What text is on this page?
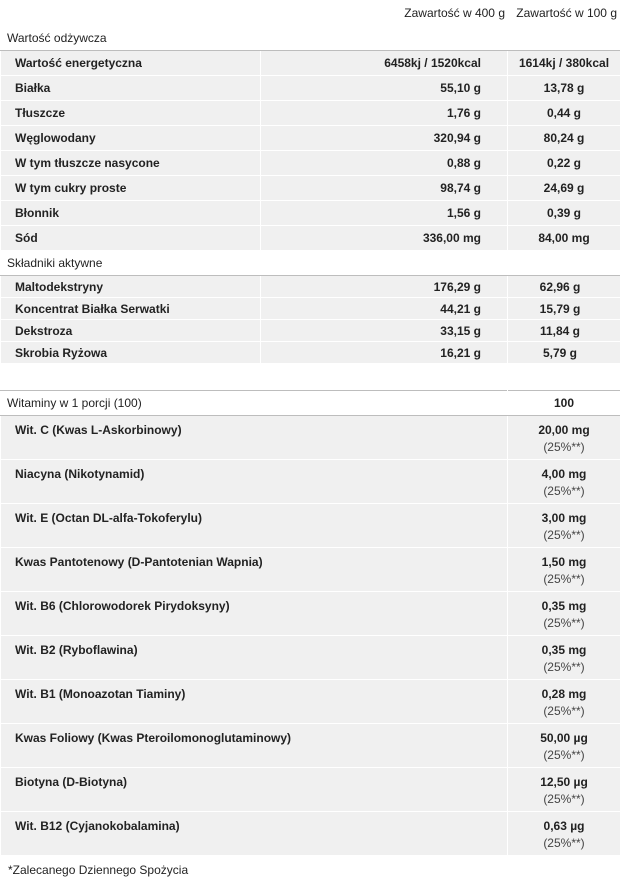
	Zawartość w 400 g	Zawartość w 100 g
Wartość odżywcza		
Wartość energetyczna	6458kj / 1520kcal	1614kj / 380kcal
Białka	55,10 g	13,78 g
Tłuszcze	1,76 g	0,44 g
Węglowodany	320,94 g	80,24 g
W tym tłuszcze nasycone	0,88 g	0,22 g
W tym cukry proste	98,74 g	24,69 g
Błonnik	1,56 g	0,39 g
Sód	336,00 mg	84,00 mg
Składniki aktywne		
Maltodekstryny	176,29 g	62,96 g
Koncentrat Białka Serwatki	44,21 g	15,79 g
Dekstroza	33,15 g	11,84 g
Skrobia Ryżowa	16,21 g	5,79 g
Witaminy w 1 porcji (100)	100
Wit. C (Kwas L-Askorbinowy)	20,00 mg
(25%**)

Niacyna (Nikotynamid)	4,00 mg
(25%**)

Wit. E (Octan DL-alfa-Tokoferylu)	3,00 mg
(25%**)

Kwas Pantotenowy (D-Pantotenian Wapnia)	1,50 mg
(25%**)

Wit. B6 (Chlorowodorek Pirydoksyny)	0,35 mg
(25%**)

Wit. B2 (Ryboflawina)	0,35 mg
(25%**)

Wit. B1 (Monoazotan Tiaminy)	0,28 mg
(25%**)

Kwas Foliowy (Kwas Pteroilomonoglutaminowy)	50,00 µg
(25%**)

Biotyna (D-Biotyna)	12,50 µg
(25%**)

Wit. B12 (Cyjanokobalamina)	0,63 µg
(25%**)
*Zalecanego Dziennego Spożycia
